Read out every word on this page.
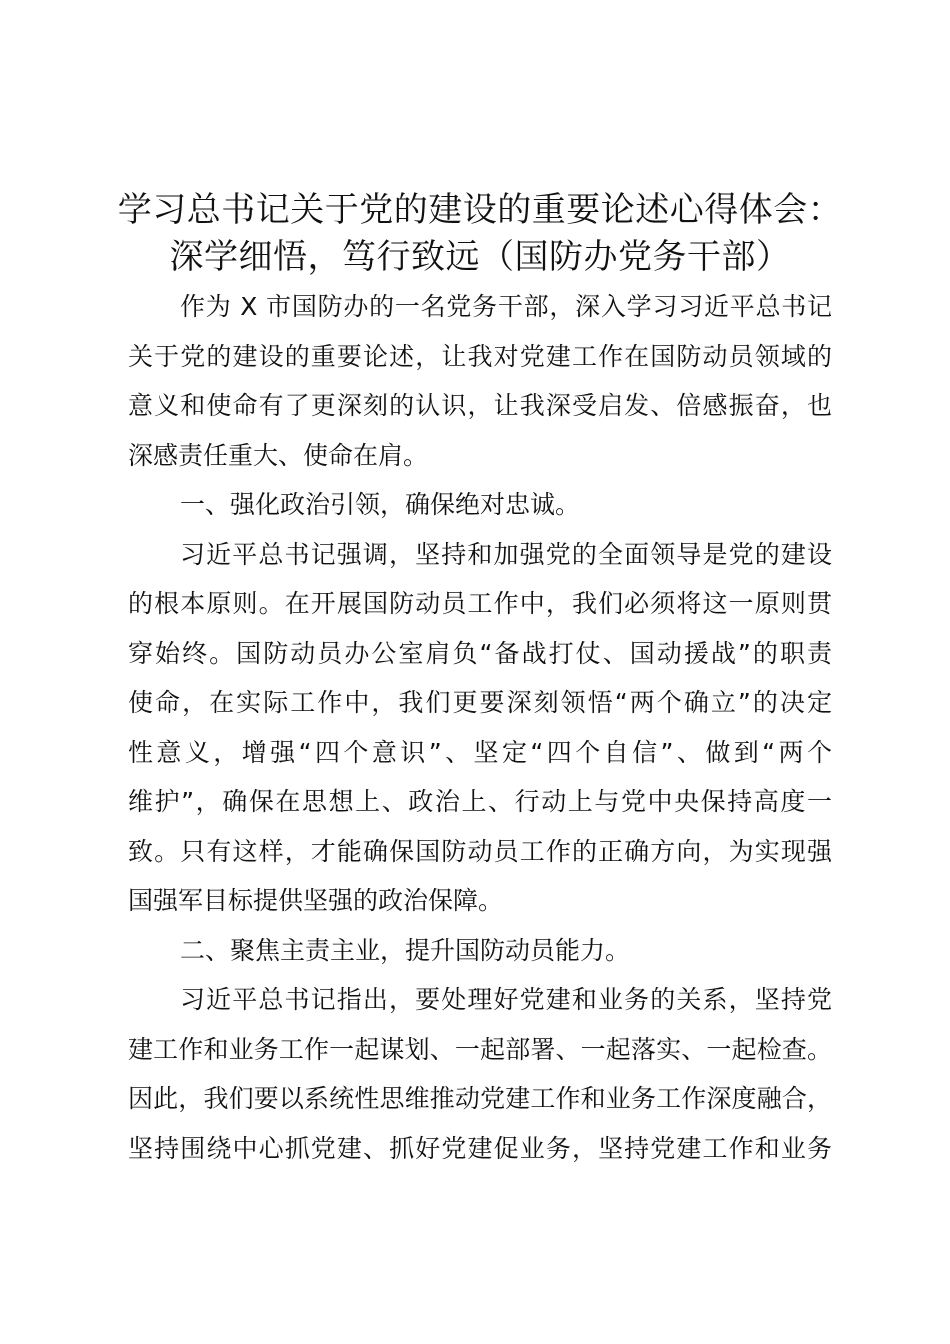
学习总书记关于党的建设的重要论述心得体会：
深学细悟，笃行致远（国防办党务干部）
作为 X 市国防办的一名党务干部，深入学习习近平总书记
关于党的建设的重要论述，让我对党建工作在国防动员领域的
意义和使命有了更深刻的认识，让我深受启发、倍感振奋，也
深感责任重大、使命在肩。
一、强化政治引领，确保绝对忠诚。
习近平总书记强调，坚持和加强党的全面领导是党的建设
的根本原则。在开展国防动员工作中，我们必须将这一原则贯
穿始终。国防动员办公室肩负“备战打仗、国动援战”的职责
使命，在实际工作中，我们更要深刻领悟“两个确立”的决定
性意义，增强“四个意识”、坚定“四个自信”、做到“两个
维护”，确保在思想上、政治上、行动上与党中央保持高度一
致。只有这样，才能确保国防动员工作的正确方向，为实现强
国强军目标提供坚强的政治保障。
二、聚焦主责主业，提升国防动员能力。
习近平总书记指出，要处理好党建和业务的关系，坚持党
建工作和业务工作一起谋划、一起部署、一起落实、一起检查。
因此，我们要以系统性思维推动党建工作和业务工作深度融合，
坚持围绕中心抓党建、抓好党建促业务，坚持党建工作和业务
